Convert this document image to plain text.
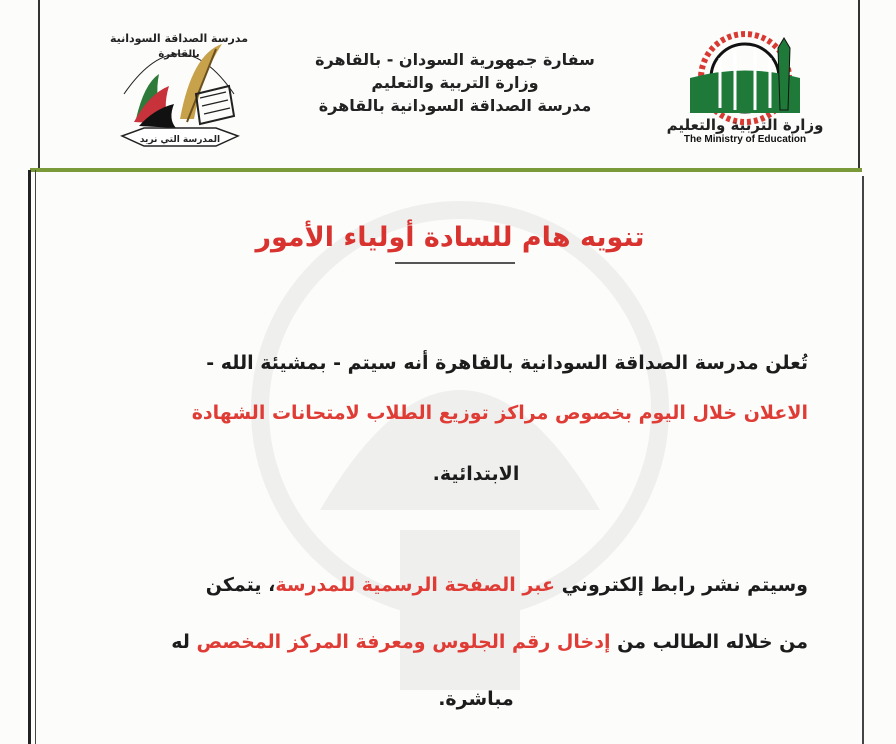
مدرسة الصداقة السودانية
بالقاهرة
المدرسة التي نريد
سفارة جمهورية السودان - بالقاهرة
وزارة التربية والتعليم
مدرسة الصداقة السودانية بالقاهرة
وزارة التربية والتعليم
The Ministry of Education
تنويه هام للسادة أولياء الأمور
تُعلن مدرسة الصداقة السودانية بالقاهرة أنه سيتم - بمشيئة الله -
الاعلان خلال اليوم بخصوص مراكز توزيع الطلاب لامتحانات الشهادة
الابتدائية.
وسيتم نشر رابط إلكتروني عبر الصفحة الرسمية للمدرسة، يتمكن
من خلاله الطالب من إدخال رقم الجلوس ومعرفة المركز المخصص له
مباشرة.
